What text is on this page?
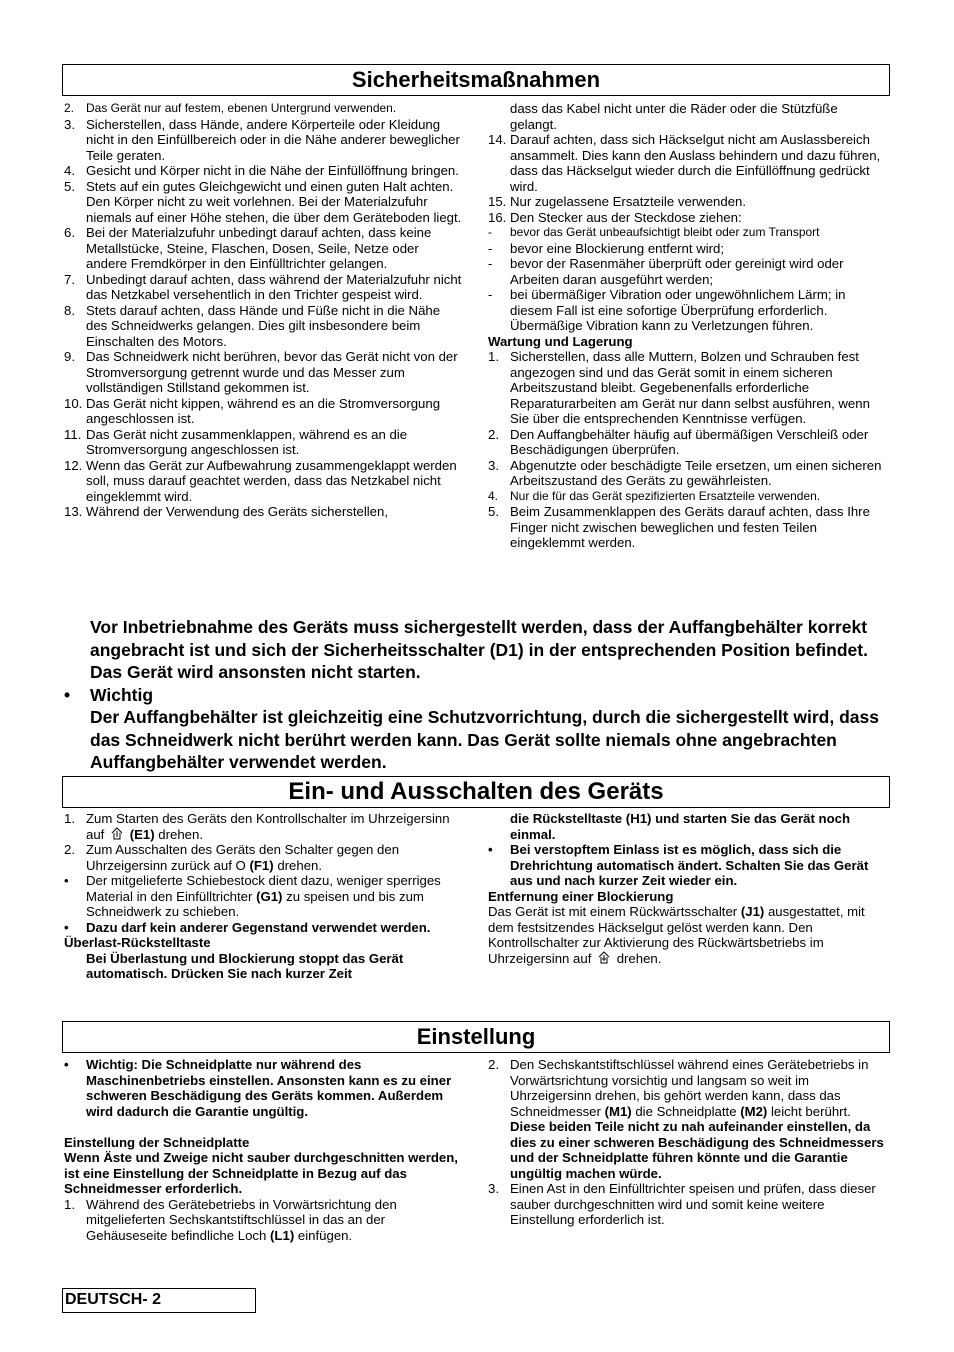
Sicherheitsmaßnahmen
2. Das Gerät nur auf festem, ebenen Untergrund verwenden.
3. Sicherstellen, dass Hände, andere Körperteile oder Kleidung nicht in den Einfüllbereich oder in die Nähe anderer beweglicher Teile geraten.
4. Gesicht und Körper nicht in die Nähe der Einfüllöffnung bringen.
5. Stets auf ein gutes Gleichgewicht und einen guten Halt achten. Den Körper nicht zu weit vorlehnen. Bei der Materialzufuhr niemals auf einer Höhe stehen, die über dem Geräteboden liegt.
6. Bei der Materialzufuhr unbedingt darauf achten, dass keine Metallstücke, Steine, Flaschen, Dosen, Seile, Netze oder andere Fremdkörper in den Einfülltrichter gelangen.
7. Unbedingt darauf achten, dass während der Materialzufuhr nicht das Netzkabel versehentlich in den Trichter gespeist wird.
8. Stets darauf achten, dass Hände und Füße nicht in die Nähe des Schneidwerks gelangen. Dies gilt insbesondere beim Einschalten des Motors.
9. Das Schneidwerk nicht berühren, bevor das Gerät nicht von der Stromversorgung getrennt wurde und das Messer zum vollständigen Stillstand gekommen ist.
10. Das Gerät nicht kippen, während es an die Stromversorgung angeschlossen ist.
11. Das Gerät nicht zusammenklappen, während es an die Stromversorgung angeschlossen ist.
12. Wenn das Gerät zur Aufbewahrung zusammengeklappt werden soll, muss darauf geachtet werden, dass das Netzkabel nicht eingeklemmt wird.
13. Während der Verwendung des Geräts sicherstellen,
dass das Kabel nicht unter die Räder oder die Stützfüße gelangt.
14. Darauf achten, dass sich Häckselgut nicht am Auslassbereich ansammelt. Dies kann den Auslass behindern und dazu führen, dass das Häckselgut wieder durch die Einfüllöffnung gedrückt wird.
15. Nur zugelassene Ersatzteile verwenden.
16. Den Stecker aus der Steckdose ziehen:
-	bevor das Gerät unbeaufsichtigt bleibt oder zum Transport
-	bevor eine Blockierung entfernt wird;
-	bevor der Rasenmäher überprüft oder gereinigt wird oder Arbeiten daran ausgeführt werden;
-	bei übermäßiger Vibration oder ungewöhnlichem Lärm; in diesem Fall ist eine sofortige Überprüfung erforderlich. Übermäßige Vibration kann zu Verletzungen führen.
Wartung und Lagerung
1. Sicherstellen, dass alle Muttern, Bolzen und Schrauben fest angezogen sind und das Gerät somit in einem sicheren Arbeitszustand bleibt. Gegebenenfalls erforderliche Reparaturarbeiten am Gerät nur dann selbst ausführen, wenn Sie über die entsprechenden Kenntnisse verfügen.
2. Den Auffangbehälter häufig auf übermäßigen Verschleiß oder Beschädigungen überprüfen.
3. Abgenutzte oder beschädigte Teile ersetzen, um einen sicheren Arbeitszustand des Geräts zu gewährleisten.
4. Nur die für das Gerät spezifizierten Ersatzteile verwenden.
5. Beim Zusammenklappen des Geräts darauf achten, dass Ihre Finger nicht zwischen beweglichen und festen Teilen eingeklemmt werden.
Vor Inbetriebnahme des Geräts muss sichergestellt werden, dass der Auffangbehälter korrekt angebracht ist und sich der Sicherheitsschalter (D1) in der entsprechenden Position befindet. Das Gerät wird ansonsten nicht starten.
•	Wichtig
Der Auffangbehälter ist gleichzeitig eine Schutzvorrichtung, durch die sichergestellt wird, dass das Schneidwerk nicht berührt werden kann. Das Gerät sollte niemals ohne angebrachten Auffangbehälter verwendet werden.
Ein- und Ausschalten des Geräts
1. Zum Starten des Geräts den Kontrollschalter im Uhrzeigersinn auf (E1) drehen.
2. Zum Ausschalten des Geräts den Schalter gegen den Uhrzeigersinn zurück auf O (F1) drehen.
•	Der mitgelieferte Schiebestock dient dazu, weniger sperriges Material in den Einfülltrichter (G1) zu speisen und bis zum Schneidwerk zu schieben.
•	Dazu darf kein anderer Gegenstand verwendet werden.
Überlast-Rückstelltaste
Bei Überlastung und Blockierung stoppt das Gerät automatisch. Drücken Sie nach kurzer Zeit
die Rückstelltaste (H1) und starten Sie das Gerät noch einmal.
•	Bei verstopftem Einlass ist es möglich, dass sich die Drehrichtung automatisch ändert. Schalten Sie das Gerät aus und nach kurzer Zeit wieder ein.
Entfernung einer Blockierung
Das Gerät ist mit einem Rückwärtsschalter (J1) ausgestattet, mit dem festsitzendes Häckselgut gelöst werden kann. Den Kontrollschalter zur Aktivierung des Rückwärtsbetriebs im Uhrzeigersinn auf drehen.
Einstellung
•	Wichtig: Die Schneidplatte nur während des Maschinenbetriebs einstellen. Ansonsten kann es zu einer schweren Beschädigung des Geräts kommen. Außerdem wird dadurch die Garantie ungültig.
Einstellung der Schneidplatte
Wenn Äste und Zweige nicht sauber durchgeschnitten werden, ist eine Einstellung der Schneidplatte in Bezug auf das Schneidmesser erforderlich.
1. Während des Gerätebetriebs in Vorwärtsrichtung den mitgelieferten Sechskantstiftschlüssel in das an der Gehäuseseite befindliche Loch (L1) einfügen.
2. Den Sechskantstiftschlüssel während eines Gerätebetriebs in Vorwärtsrichtung vorsichtig und langsam so weit im Uhrzeigersinn drehen, bis gehört werden kann, dass das Schneidmesser (M1) die Schneidplatte (M2) leicht berührt. Diese beiden Teile nicht zu nah aufeinander einstellen, da dies zu einer schweren Beschädigung des Schneidmessers und der Schneidplatte führen könnte und die Garantie ungültig machen würde.
3. Einen Ast in den Einfülltrichter speisen und prüfen, dass dieser sauber durchgeschnitten wird und somit keine weitere Einstellung erforderlich ist.
DEUTSCH- 2
